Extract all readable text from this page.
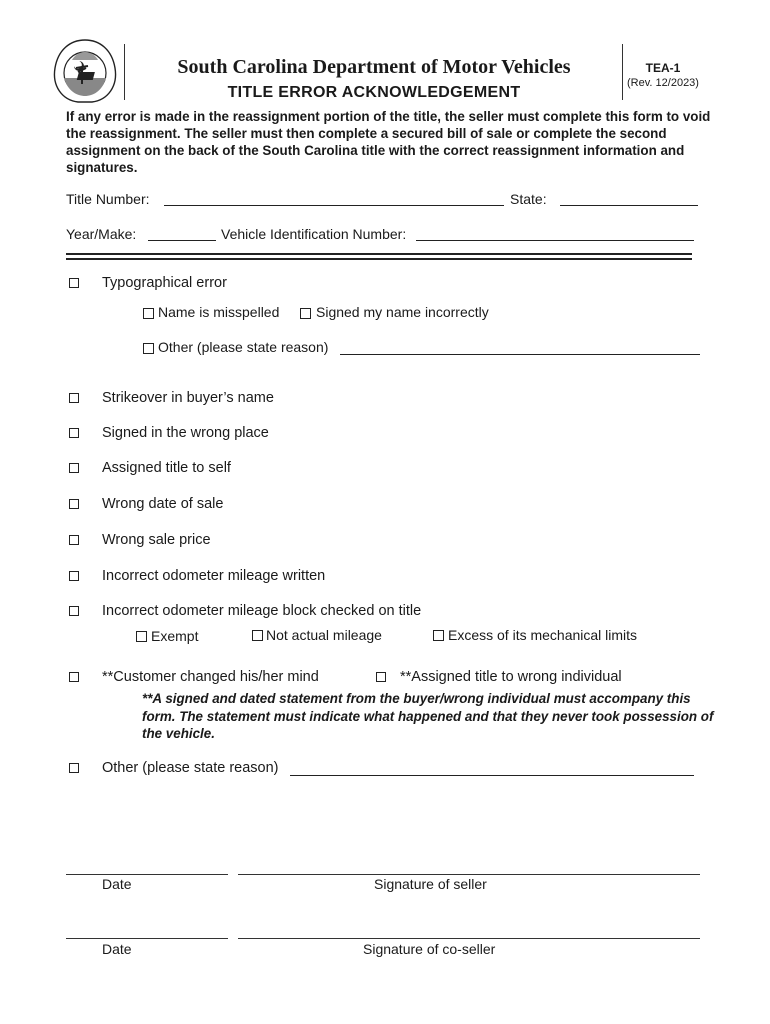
South Carolina Department of Motor Vehicles
TITLE ERROR ACKNOWLEDGEMENT
TEA-1
(Rev. 12/2023)
If any error is made in the reassignment portion of the title, the seller must complete this form to void the reassignment. The seller must then complete a secured bill of sale or complete the second assignment on the back of the South Carolina title with the correct reassignment information and signatures.
Title Number:	State:
Year/Make:	Vehicle Identification Number:
Typographical error
Name is misspelled	Signed my name incorrectly
Other (please state reason)
Strikeover in buyer’s name
Signed in the wrong place
Assigned title to self
Wrong date of sale
Wrong sale price
Incorrect odometer mileage written
Incorrect odometer mileage block checked on title
Exempt	Not actual mileage	Excess of its mechanical limits
**Customer changed his/her mind	**Assigned title to wrong individual
**A signed and dated statement from the buyer/wrong individual must accompany this form. The statement must indicate what happened and that they never took possession of the vehicle.
Other (please state reason)
Date	Signature of seller
Date	Signature of co-seller
